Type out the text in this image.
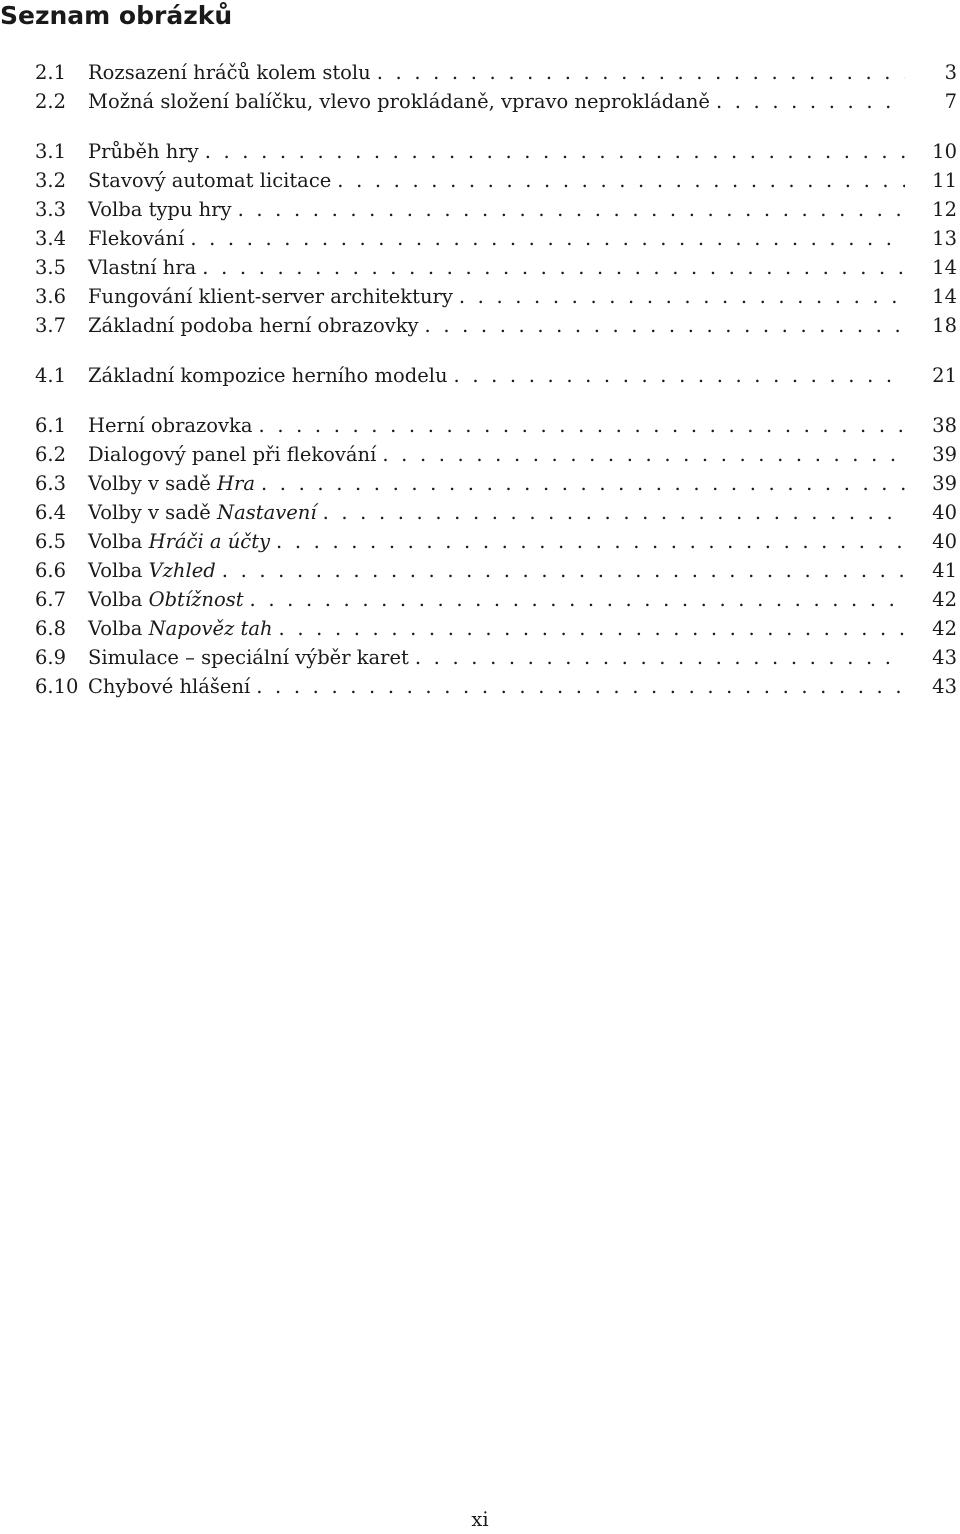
Seznam obrázků
2.1	Rozsazení hráčů kolem stolu . . .	3
2.2	Možná složení balíčku, vlevo prokládaně, vpravo neprokládaně . . .	7
3.1	Průběh hry . . .	10
3.2	Stavový automat licitace . . .	11
3.3	Volba typu hry . . .	12
3.4	Flekování . . .	13
3.5	Vlastní hra . . .	14
3.6	Fungování klient-server architektury . . .	14
3.7	Základní podoba herní obrazovky . . .	18
4.1	Základní kompozice herního modelu . . .	21
6.1	Herní obrazovka . . .	38
6.2	Dialogový panel při flekování . . .	39
6.3	Volby v sadě Hra . . .	39
6.4	Volby v sadě Nastavení . . .	40
6.5	Volba Hráči a účty . . .	40
6.6	Volba Vzhled . . .	41
6.7	Volba Obtížnost . . .	42
6.8	Volba Napověz tah . . .	42
6.9	Simulace – speciální výběr karet . . .	43
6.10 Chybové hlášení . . .	43
xi
